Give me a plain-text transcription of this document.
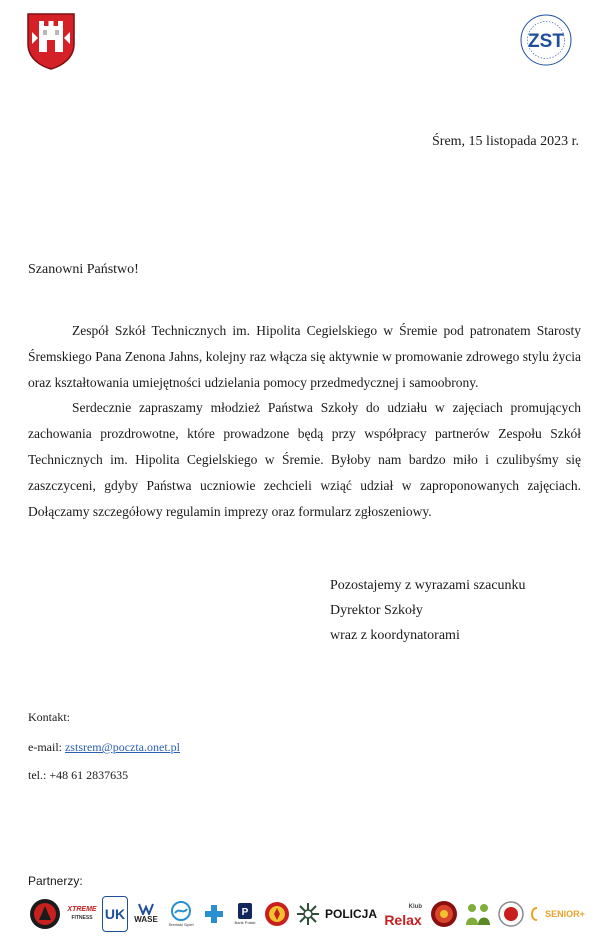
ZST
Śrem, 15 listopada 2023 r.
Szanowni Państwo!

Zespół Szkół Technicznych im. Hipolita Cegielskiego w Śremie pod patronatem Starosty Śremskiego Pana Zenona Jahns, kolejny raz włącza się aktywnie w promowanie zdrowego stylu życia oraz kształtowania umiejętności udzielania pomocy przedmedycznej i samoobrony.

Serdecznie zapraszamy młodzież Państwa Szkoły do udziału w zajęciach promujących zachowania prozdrowotne, które prowadzone będą przy współpracy partnerów Zespołu Szkół Technicznych im. Hipolita Cegielskiego w Śremie. Byłoby nam bardzo miło i czulibyśmy się zaszczyceni, gdyby Państwa uczniowie zechcieli wziąć udział w zaproponowanych zajęciach. Dołączamy szczegółowy regulamin imprezy oraz formularz zgłoszeniowy.

Pozostajemy z wyrazami szacunku
Dyrektor Szkoły
wraz z koordynatorami
Kontakt:
e-mail: zstsrem@poczta.onet.pl
tel.: +48 61 2837635
Partnerzy:
XTREME
FITNESS UK WASE	Śremski Sport
P
Bank Polski
POLICJA	Klub
Relax	SENIOR+
